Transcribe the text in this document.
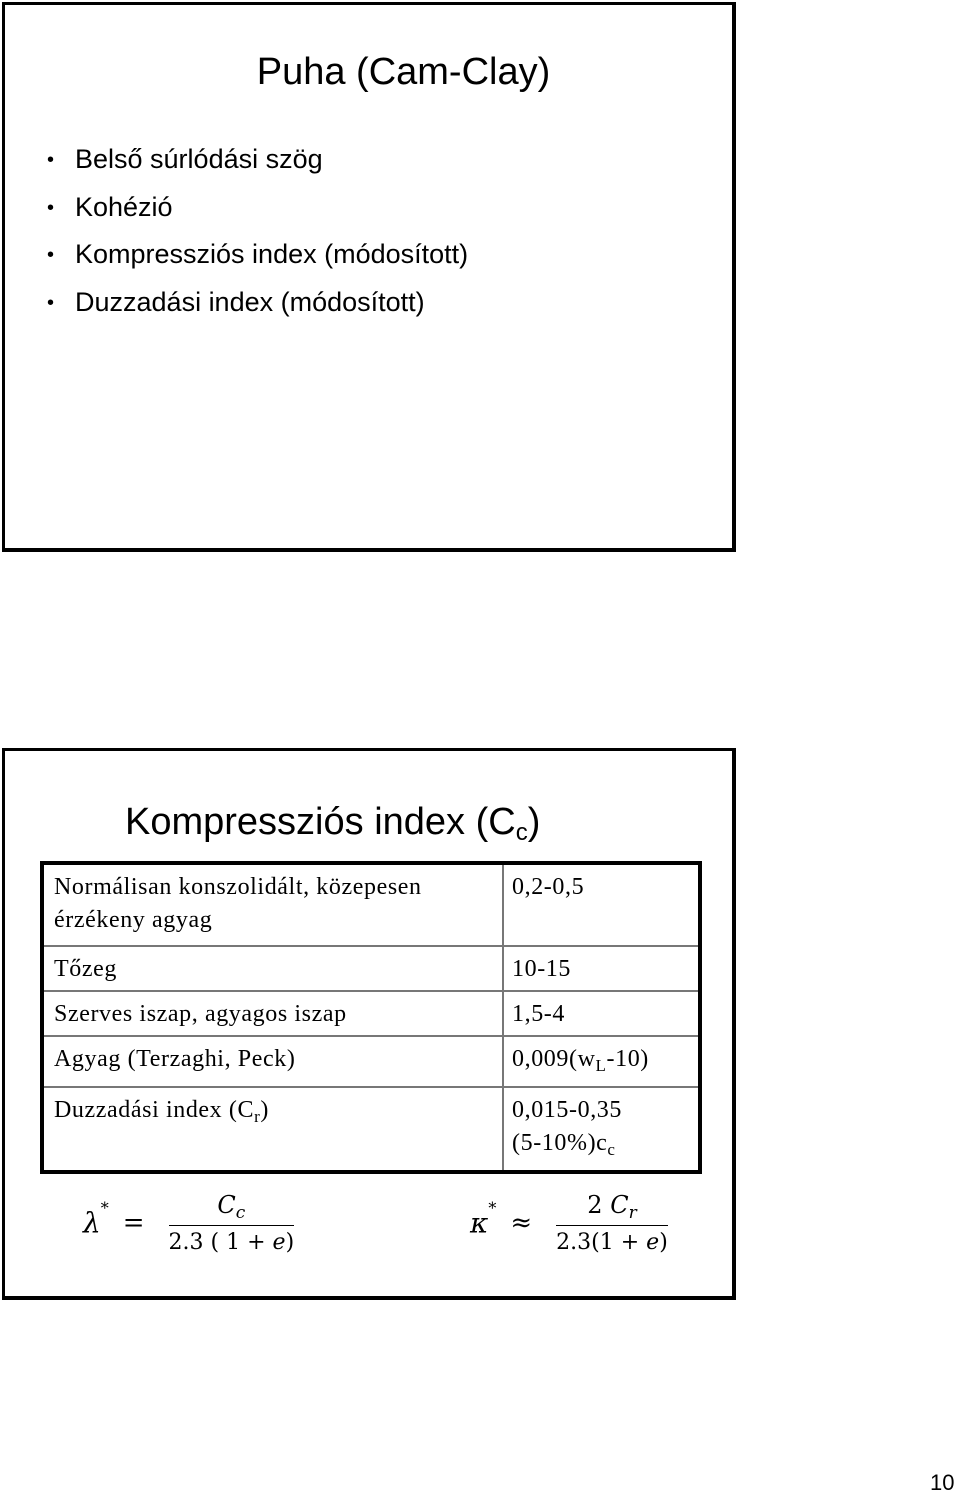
Puha (Cam-Clay)
• Belső súrlódási szög
• Kohézió
• Kompressziós index (módosított)
• Duzzadási index (módosított)
Kompressziós index $(C_c)$
Normálisan konszolidált, közepesen érzékeny agyag	0,2-0,5
Tőzeg	10-15
Szerves iszap, agyagos iszap	1,5-4
Agyag (Terzaghi, Peck)	$0,009(w_L-10)$
Duzzadási index $(C_r)$	0,015-0,35
$(5-10\%)c_c$
$\lambda* = \frac{C_c}{2.3 ( 1 + e)}$	$\kappa* \approx \frac{2 C_r}{2.3(1 + e)}$
10
